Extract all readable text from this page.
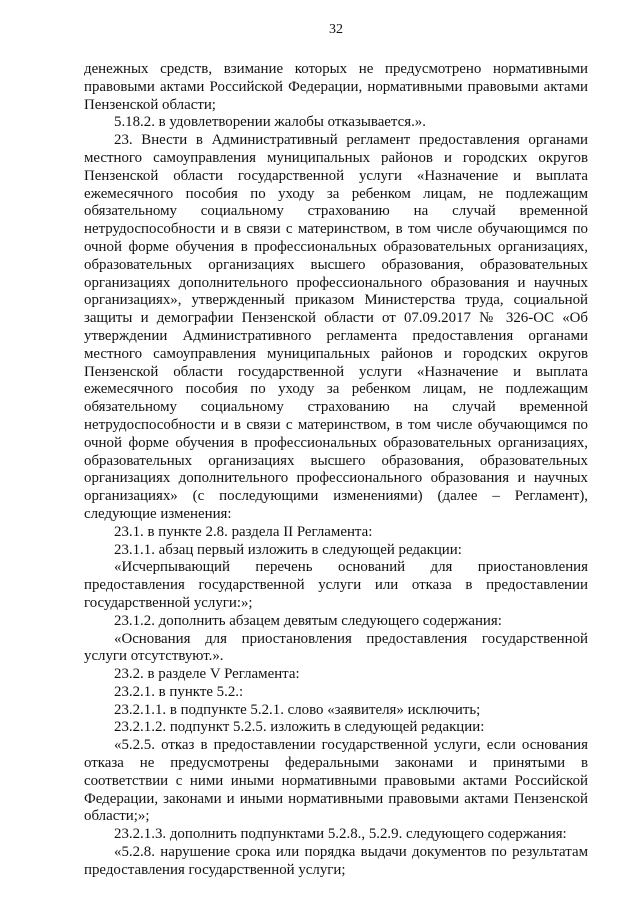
32

денежных средств, взимание которых не предусмотрено нормативными правовыми актами Российской Федерации, нормативными правовыми актами Пензенской области;

5.18.2. в удовлетворении жалобы отказывается.».

23. Внести в Административный регламент предоставления органами местного самоуправления муниципальных районов и городских округов Пензенской области государственной услуги «Назначение и выплата ежемесячного пособия по уходу за ребенком лицам, не подлежащим обязательному социальному страхованию на случай временной нетрудоспособности и в связи с материнством, в том числе обучающимся по очной форме обучения в профессиональных образовательных организациях, образовательных организациях высшего образования, образовательных организациях дополнительного профессионального образования и научных организациях», утвержденный приказом Министерства труда, социальной защиты и демографии Пензенской области от 07.09.2017 № 326-ОС «Об утверждении Административного регламента предоставления органами местного самоуправления муниципальных районов и городских округов Пензенской области государственной услуги «Назначение и выплата ежемесячного пособия по уходу за ребенком лицам, не подлежащим обязательному социальному страхованию на случай временной нетрудоспособности и в связи с материнством, в том числе обучающимся по очной форме обучения в профессиональных образовательных организациях, образовательных организациях высшего образования, образовательных организациях дополнительного профессионального образования и научных организациях» (с последующими изменениями) (далее – Регламент), следующие изменения:

23.1. в пункте 2.8. раздела II Регламента:

23.1.1. абзац первый изложить в следующей редакции:

«Исчерпывающий перечень оснований для приостановления предоставления государственной услуги или отказа в предоставлении государственной услуги:»;

23.1.2. дополнить абзацем девятым следующего содержания:

«Основания для приостановления предоставления государственной услуги отсутствуют.».

23.2. в разделе V Регламента:

23.2.1. в пункте 5.2.:

23.2.1.1. в подпункте 5.2.1. слово «заявителя» исключить;

23.2.1.2. подпункт 5.2.5. изложить в следующей редакции:

«5.2.5. отказ в предоставлении государственной услуги, если основания отказа не предусмотрены федеральными законами и принятыми в соответствии с ними иными нормативными правовыми актами Российской Федерации, законами и иными нормативными правовыми актами Пензенской области;»;

23.2.1.3. дополнить подпунктами 5.2.8., 5.2.9. следующего содержания:

«5.2.8. нарушение срока или порядка выдачи документов по результатам предоставления государственной услуги;
